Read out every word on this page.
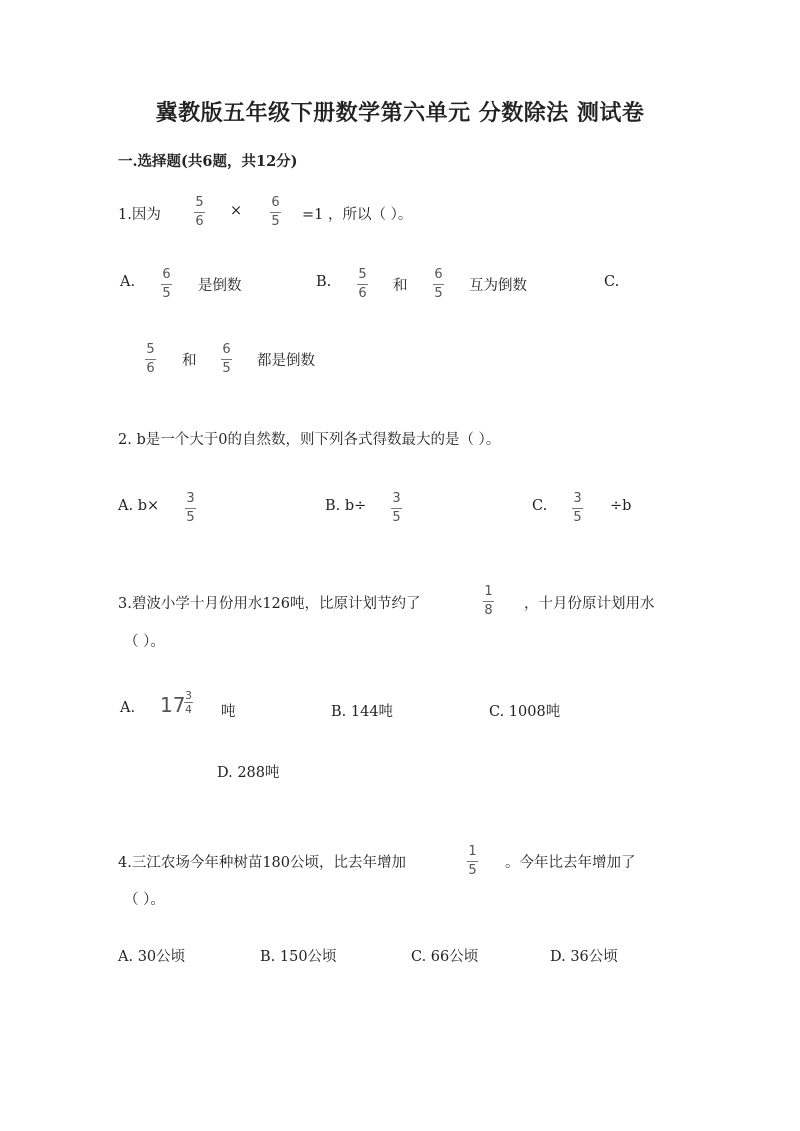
冀教版五年级下册数学第六单元 分数除法 测试卷
一.选择题(共6题，共12分)
1.因为
5
6
×
6
5 =1 ，所以（ ）。
A. 6
5 是倒数	B. 5
6 和
6
5 互为倒数	C.
5
6 和
6
5 都是倒数
2. b是一个大于0的自然数，则下列各式得数最大的是（ ）。
A. b× 3
5
B. b÷ 3
5
C. 3
5
÷b
3.碧波小学十月份用水126吨，比原计划节约了
1
8 ，十月份原计划用水
（ ）。
A. 17 3
4 吨	B. 144吨	C. 1008吨
D. 288吨
4.三江农场今年种树苗180公顷，比去年增加
1
5 。今年比去年增加了
（ ）。
A. 30公顷	B. 150公顷	C. 66公顷	D. 36公顷
